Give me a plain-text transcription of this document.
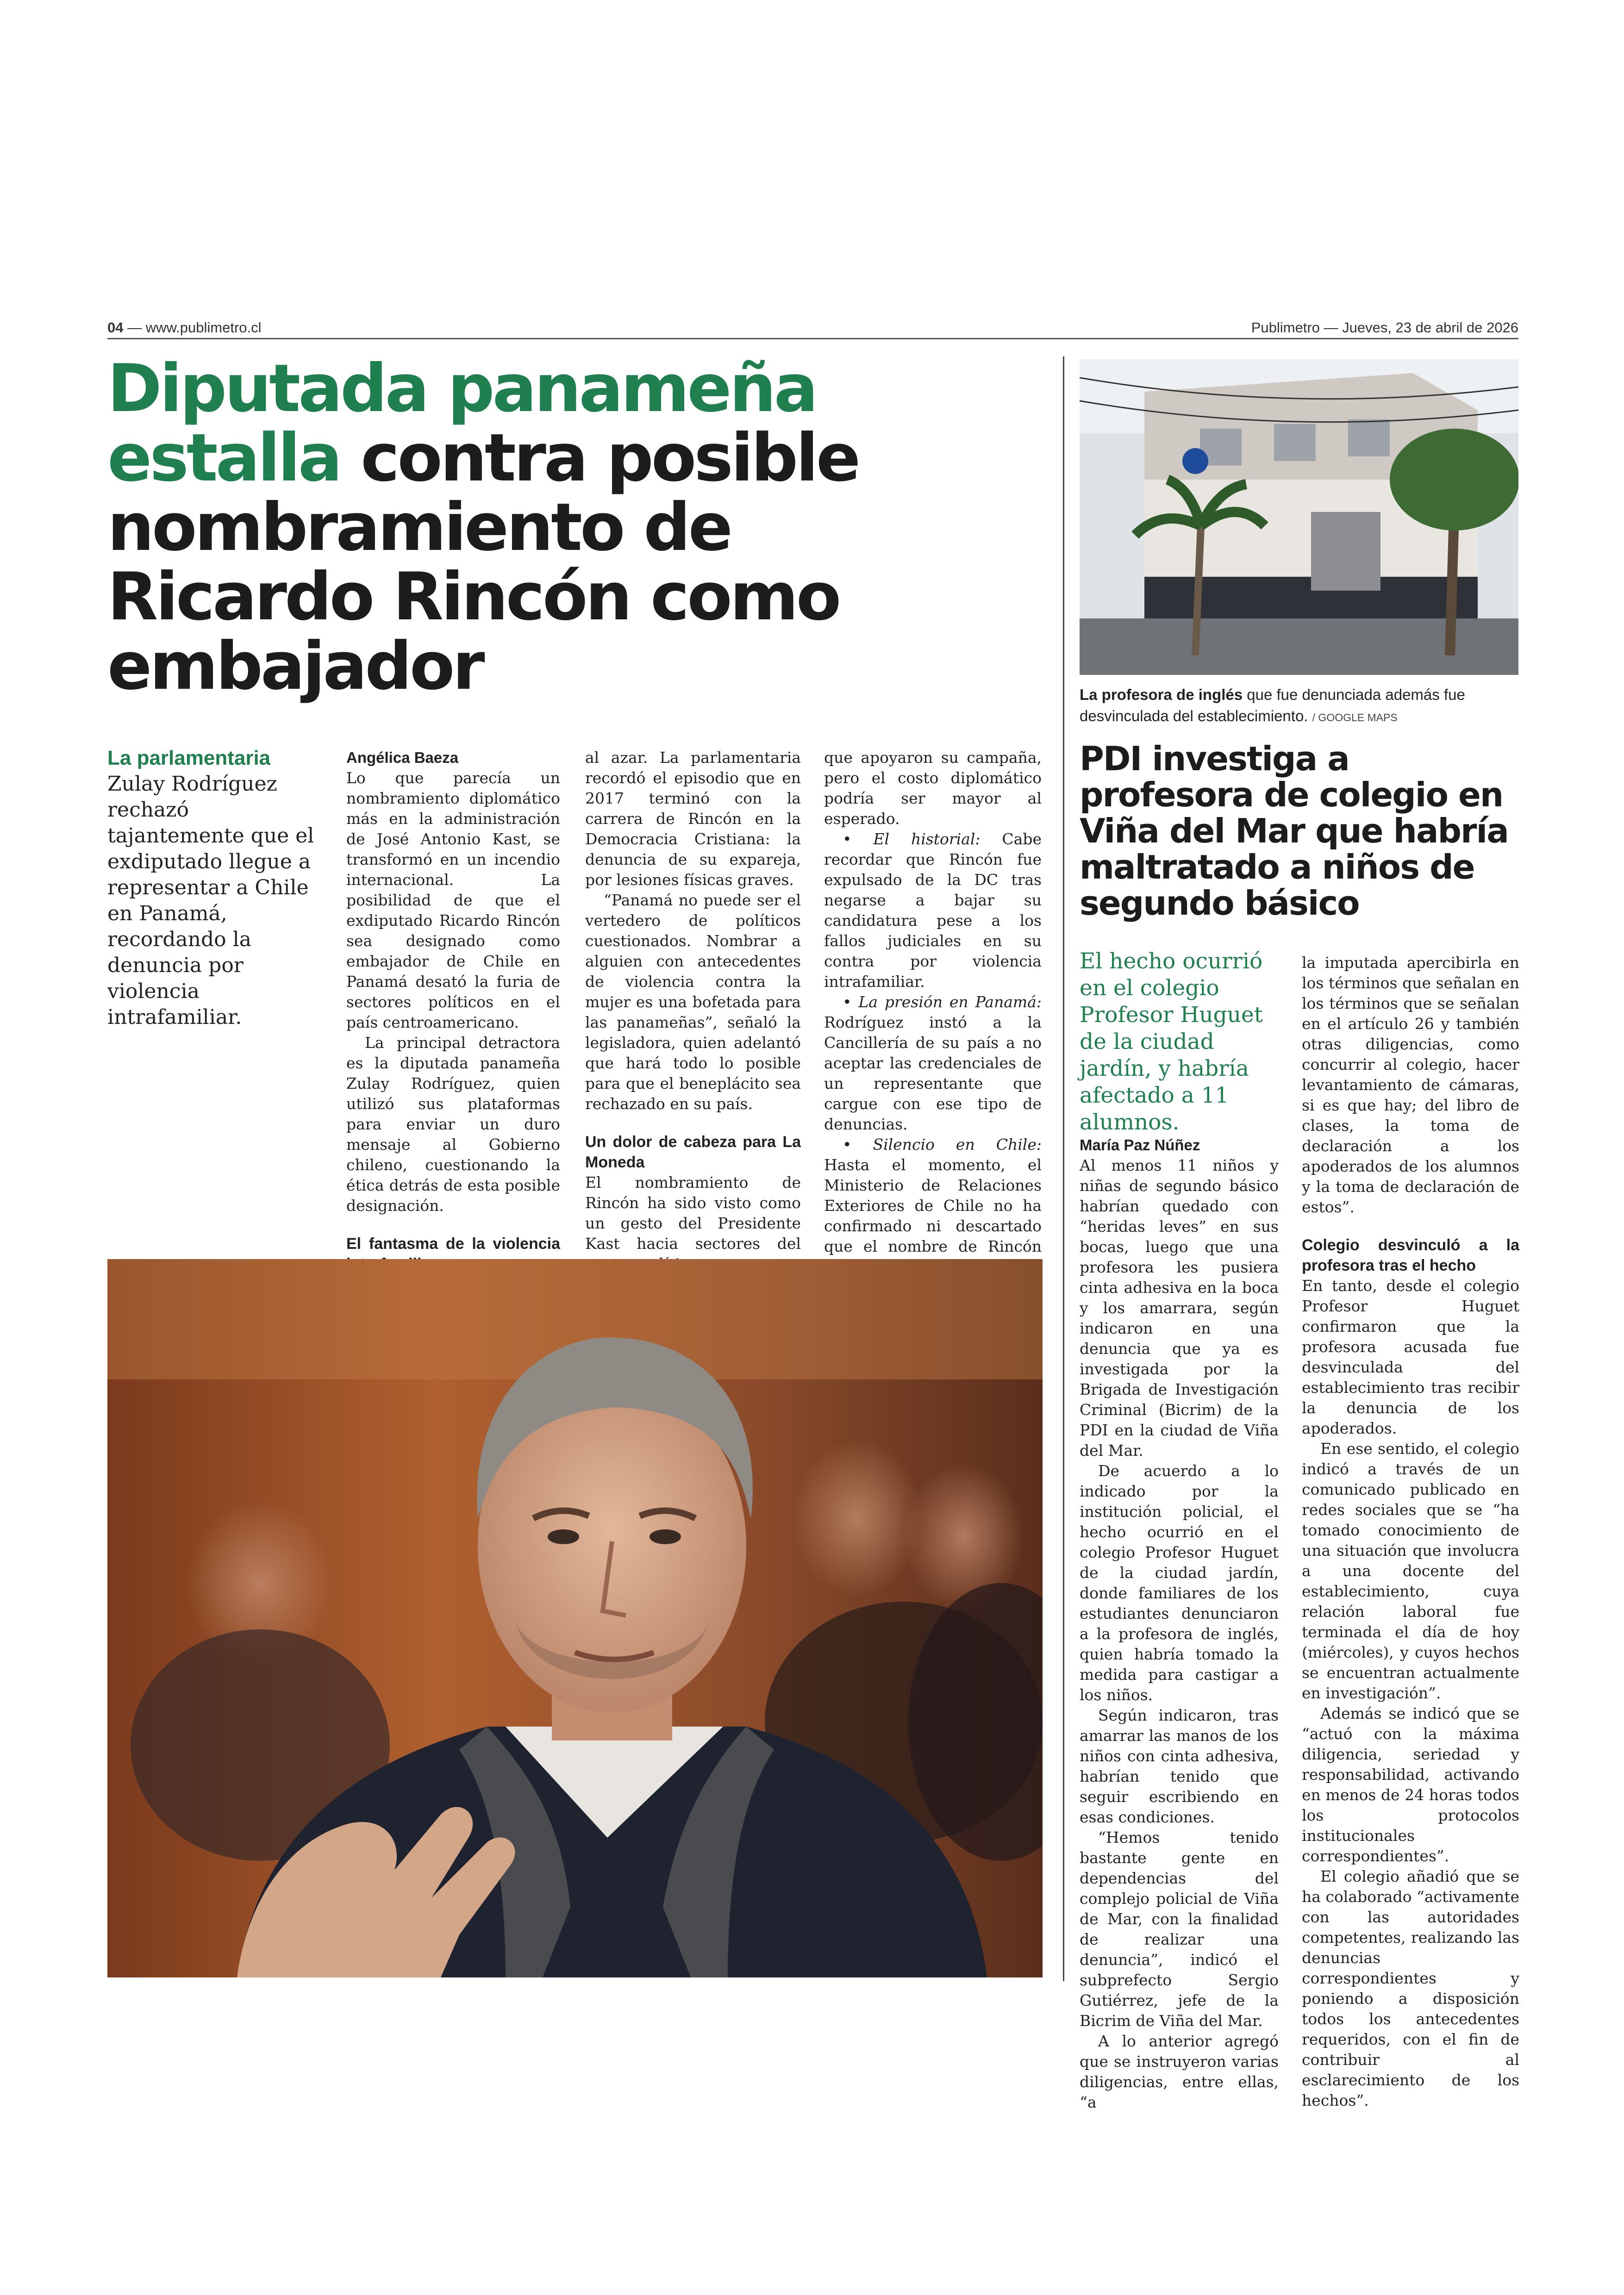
04 — www.publimetro.cl	Publimetro — Jueves, 23 de abril de 2026
Diputada panameña estalla contra posible nombramiento de Ricardo Rincón como embajador
La parlamentaria
Zulay Rodríguez rechazó tajantemente que el exdiputado llegue a representar a Chile en Panamá, recordando la denuncia por violencia intrafamiliar.

Angélica Baeza

Lo que parecía un nombramiento diplomático más en la administración de José Antonio Kast, se transformó en un incendio internacional. La posibilidad de que el exdiputado Ricardo Rincón sea designado como embajador de Chile en Panamá desató la furia de sectores políticos en el país centroamericano.

La principal detractora es la diputada panameña Zulay Rodríguez, quien utilizó sus plataformas para enviar un duro mensaje al Gobierno chileno, cuestionando la ética detrás de esta posible designación.

El fantasma de la violencia

al azar. La parlamentaria recordó el episodio que en 2017 terminó con la carrera de Rincón en la Democracia Cristiana: la denuncia de su expareja, por lesiones físicas graves.

“Panamá no puede ser el vertedero de políticos cuestionados. Nombrar a alguien con antecedentes de violencia contra la mujer es una bofetada para las panameñas”, señaló la legisladora, quien adelantó que hará todo lo posible para que el beneplácito sea rechazado en su país.

Un dolor de cabeza para La Moneda

El nombramiento de Rincón ha sido visto como un gesto del Presidente Kast hacia sectores del

que apoyaron su campaña, pero el costo diplomático podría ser mayor al esperado.

• El historial: Cabe recordar que Rincón fue expulsado de la DC tras negarse a bajar su candidatura pese a los fallos judiciales en su contra por violencia intrafamiliar.

• La presión en Panamá: Rodríguez instó a la Cancillería de su país a no aceptar las credenciales de un representante que cargue con ese tipo de denuncias.

• Silencio en Chile: Hasta el momento, el Ministerio de Relaciones Exteriores de Chile no ha confirmado ni descartado que el nombre de Rincón

La profesora de inglés que fue denunciada además fue desvinculada del establecimiento. / GOOGLE MAPS
PDI investiga a profesora de colegio en Viña del Mar que habría maltratado a niños de segundo básico
El hecho ocurrió en el colegio Profesor Huguet de la ciudad jardín, y habría afectado a 11 alumnos.

María Paz Núñez

Al menos 11 niños y niñas de segundo básico habrían quedado con “heridas leves” en sus bocas, luego que una profesora les pusiera cinta adhesiva en la boca y los amarrara, según indicaron en una denuncia que ya es investigada por la Brigada de Investigación Criminal (Bicrim) de la PDI en la ciudad de Viña del Mar.

De acuerdo a lo indicado por la institución policial, el hecho ocurrió en el colegio Profesor Huguet de la ciudad jardín, donde familiares de los estudiantes denunciaron a la profesora de inglés, quien habría tomado la medida para castigar a los niños.

Según indicaron, tras amarrar las manos de los niños con cinta adhesiva, habrían tenido que seguir escribiendo en esas condiciones.

“Hemos tenido bastante gente en dependencias del complejo policial de Viña de Mar, con la finalidad de realizar una denuncia”, indicó el subprefecto Sergio Gutiérrez, jefe de la Bicrim de Viña del Mar.

A lo anterior agregó que se instruyeron varias diligencias, entre ellas, “a

la imputada apercibirla en los términos que señalan en los términos que se señalan en el artículo 26 y también otras diligencias, como concurrir al colegio, hacer levantamiento de cámaras, si es que hay; del libro de clases, la toma de declaración a los apoderados de los alumnos y la toma de declaración de estos”.

Colegio desvinculó a la profesora tras el hecho

En tanto, desde el colegio Profesor Huguet confirmaron que la profesora acusada fue desvinculada del establecimiento tras recibir la denuncia de los apoderados.

En ese sentido, el colegio indicó a través de un comunicado publicado en redes sociales que se “ha tomado conocimiento de una situación que involucra a una docente del establecimiento, cuya relación laboral fue terminada el día de hoy (miércoles), y cuyos hechos se encuentran actualmente en investigación”.

Además se indicó que se “actuó con la máxima diligencia, seriedad y responsabilidad, activando en menos de 24 horas todos los protocolos institucionales correspondientes”.

El colegio añadió que se ha colaborado “activamente con las autoridades competentes, realizando las denuncias correspondientes y poniendo a disposición todos los antecedentes requeridos, con el fin de contribuir al esclarecimiento de los hechos”.
